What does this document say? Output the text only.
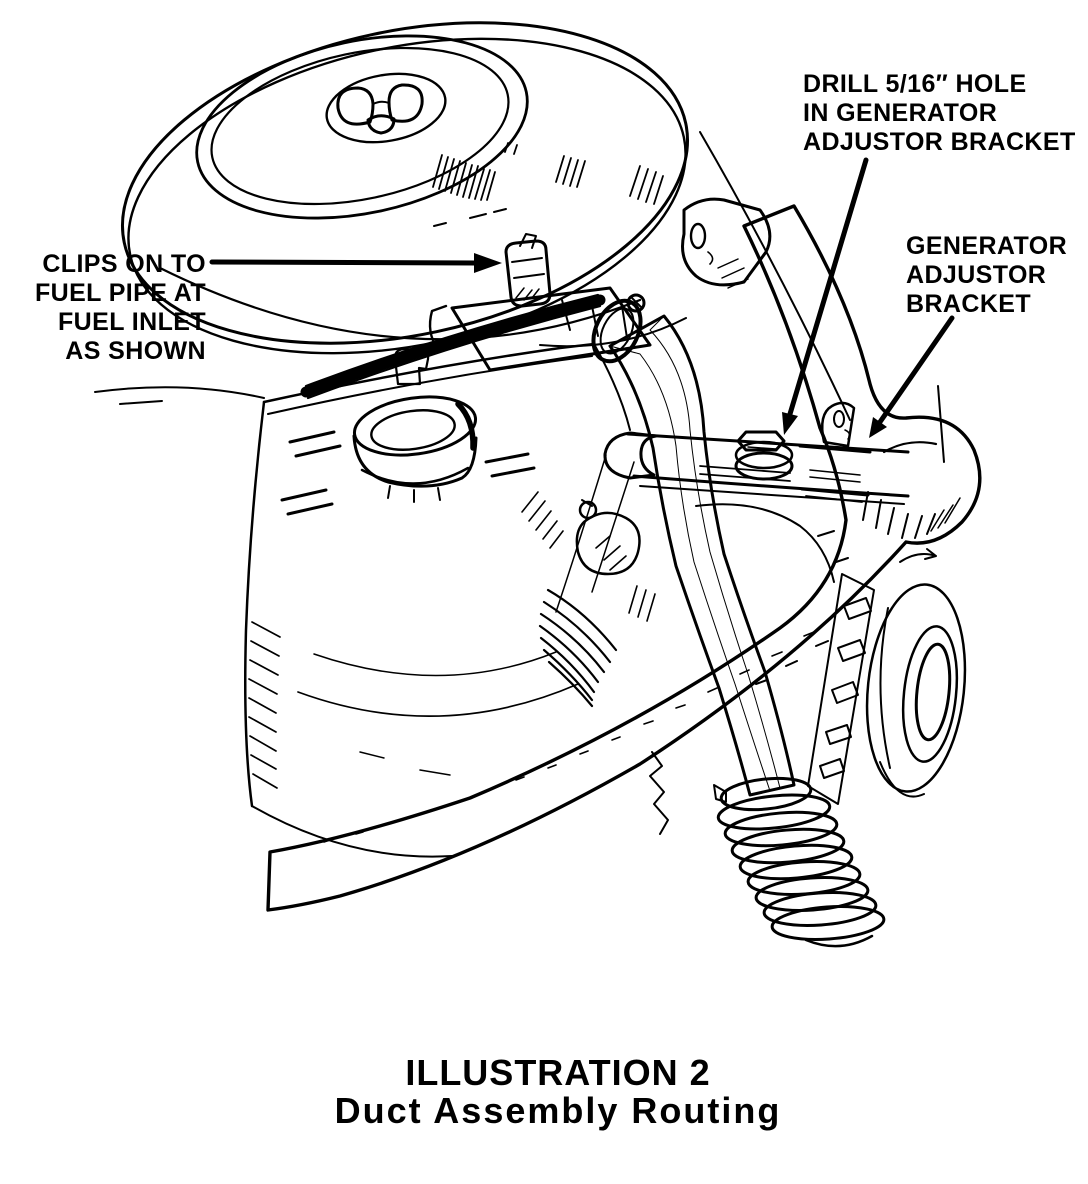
DRILL 5/16″ HOLE
IN GENERATOR
ADJUSTOR BRACKET
CLIPS ON TO
FUEL PIPE AT
FUEL INLET
AS SHOWN
GENERATOR
ADJUSTOR
BRACKET
ILLUSTRATION 2
Duct Assembly Routing
